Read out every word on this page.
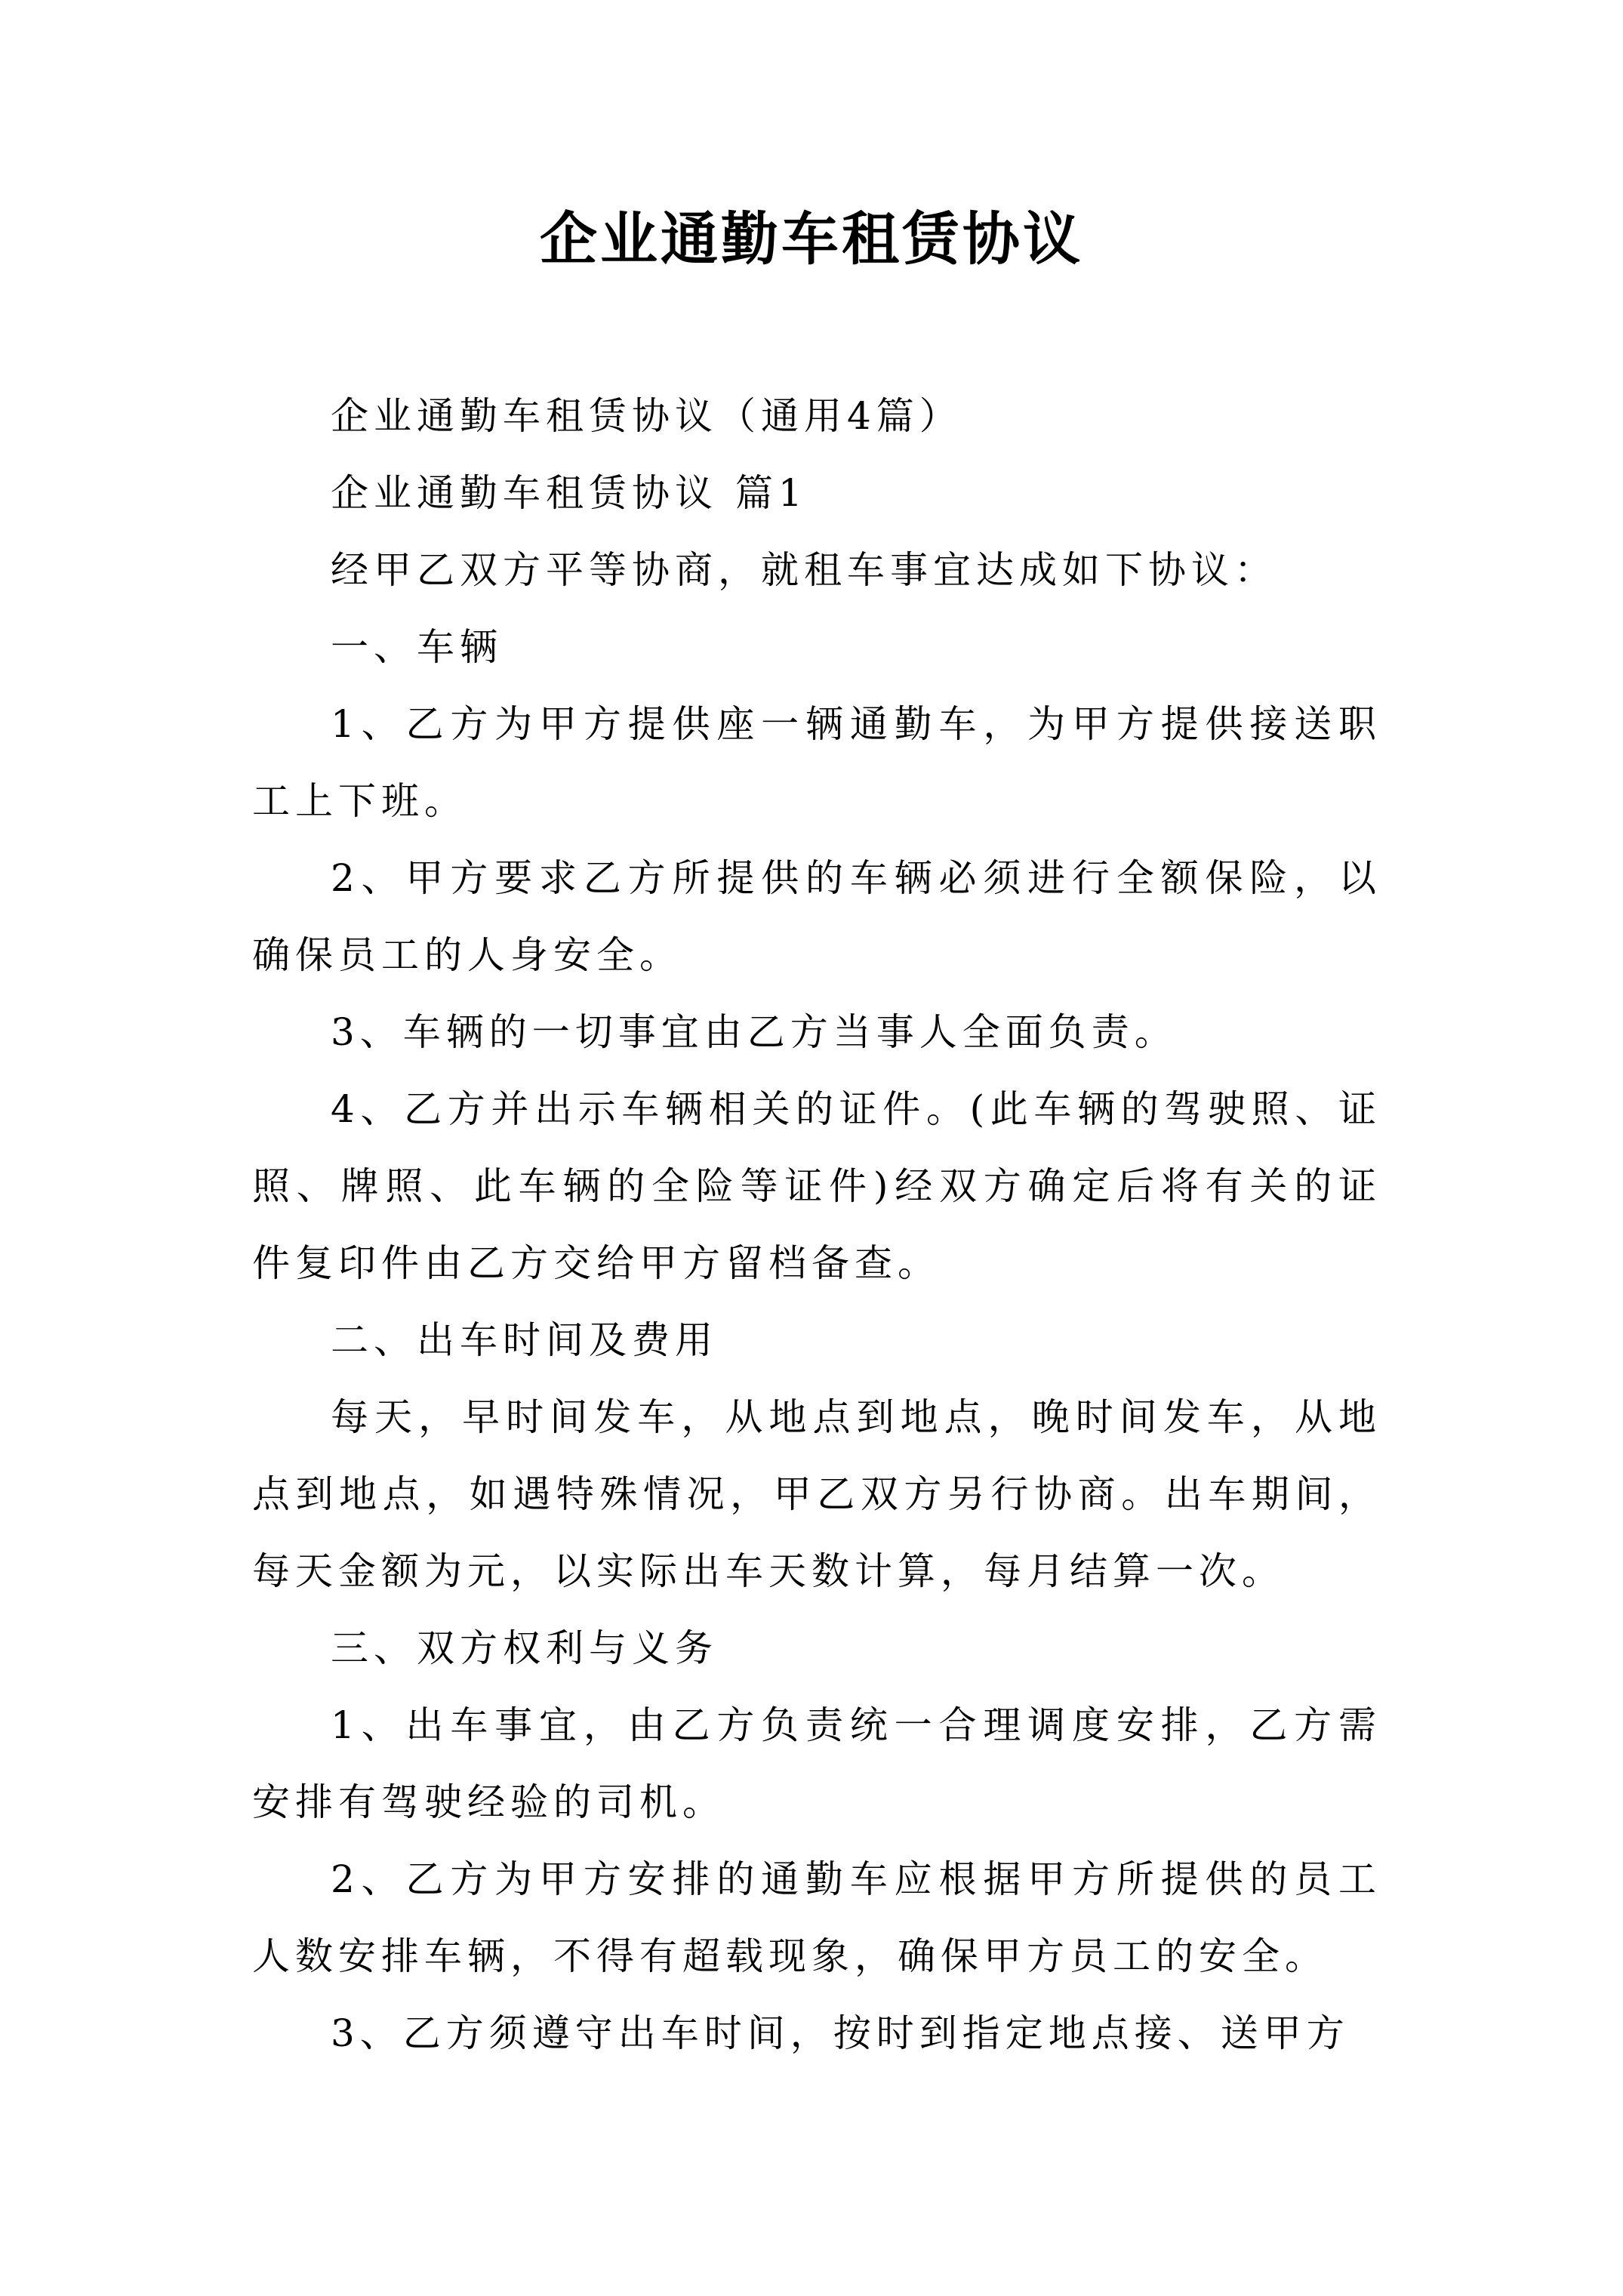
企业通勤车租赁协议

企业通勤车租赁协议（通用4篇）

企业通勤车租赁协议 篇1

经甲乙双方平等协商，就租车事宜达成如下协议：

一、车辆

1、乙方为甲方提供座一辆通勤车，为甲方提供接送职工上下班。

2、甲方要求乙方所提供的车辆必须进行全额保险，以确保员工的人身安全。

3、车辆的一切事宜由乙方当事人全面负责。

4、乙方并出示车辆相关的证件。(此车辆的驾驶照、证照、牌照、此车辆的全险等证件)经双方确定后将有关的证件复印件由乙方交给甲方留档备查。

二、出车时间及费用

每天，早时间发车，从地点到地点，晚时间发车，从地点到地点，如遇特殊情况，甲乙双方另行协商。出车期间，每天金额为元，以实际出车天数计算，每月结算一次。

三、双方权利与义务

1、出车事宜，由乙方负责统一合理调度安排，乙方需安排有驾驶经验的司机。

2、乙方为甲方安排的通勤车应根据甲方所提供的员工人数安排车辆，不得有超载现象，确保甲方员工的安全。

3、乙方须遵守出车时间，按时到指定地点接、送甲方
